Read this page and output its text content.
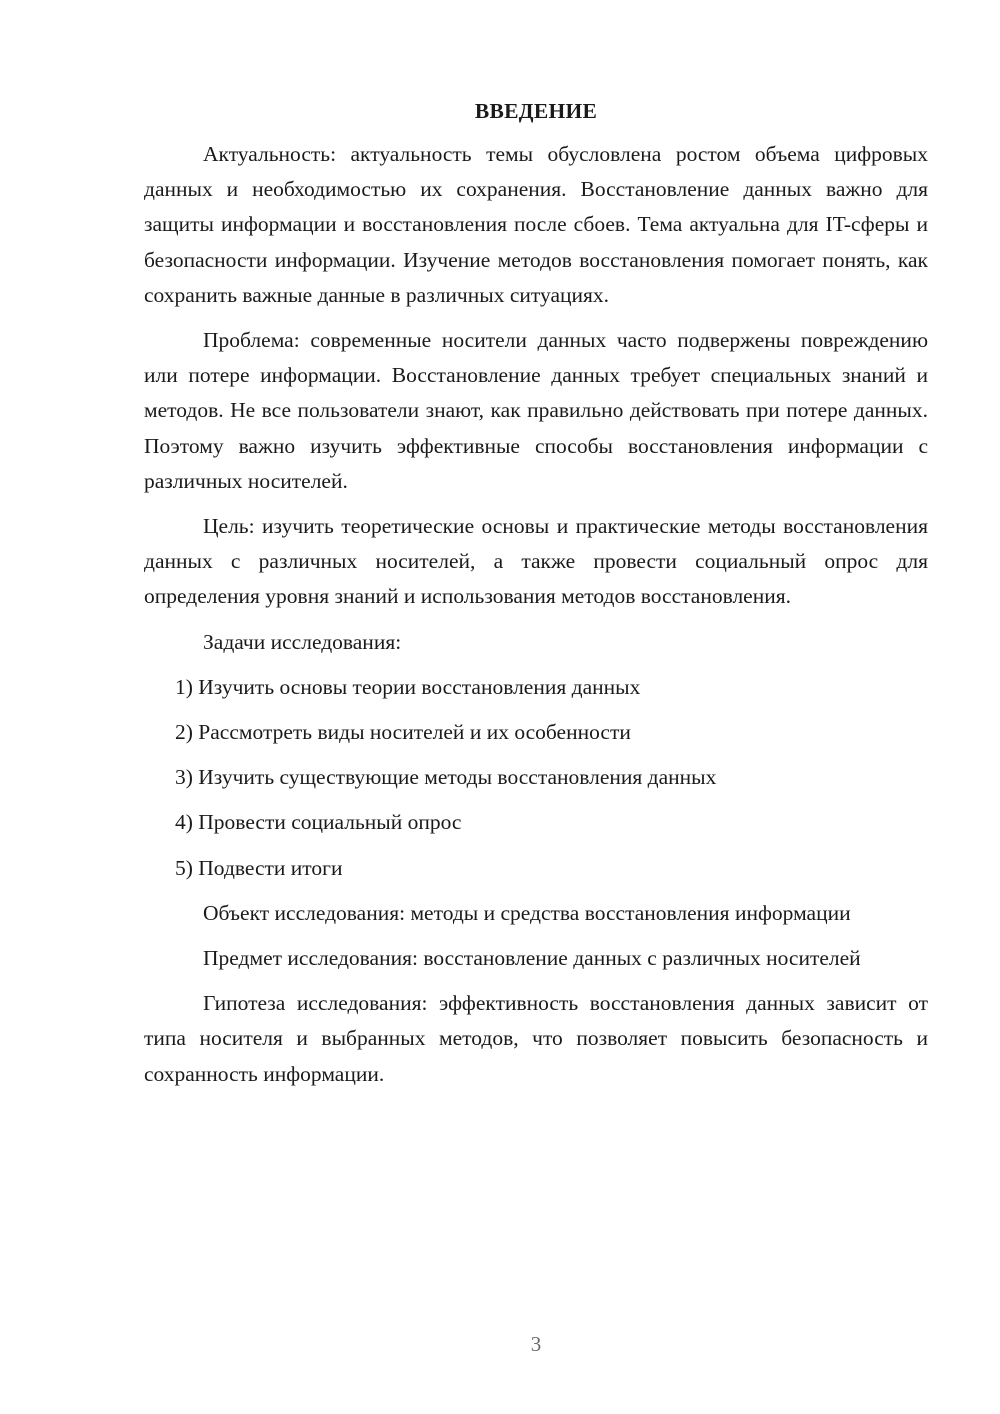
ВВЕДЕНИЕ

Актуальность: актуальность темы обусловлена ростом объема цифровых данных и необходимостью их сохранения. Восстановление данных важно для защиты информации и восстановления после сбоев. Тема актуальна для IT-сферы и безопасности информации. Изучение методов восстановления помогает понять, как сохранить важные данные в различных ситуациях.

Проблема: современные носители данных часто подвержены повреждению или потере информации. Восстановление данных требует специальных знаний и методов. Не все пользователи знают, как правильно действовать при потере данных. Поэтому важно изучить эффективные способы восстановления информации с различных носителей.

Цель: изучить теоретические основы и практические методы восстановления данных с различных носителей, а также провести социальный опрос для определения уровня знаний и использования методов восстановления.

Задачи исследования:

1) Изучить основы теории восстановления данных
2) Рассмотреть виды носителей и их особенности
3) Изучить существующие методы восстановления данных
4) Провести социальный опрос
5) Подвести итоги

Объект исследования: методы и средства восстановления информации

Предмет исследования: восстановление данных с различных носителей

Гипотеза исследования: эффективность восстановления данных зависит от типа носителя и выбранных методов, что позволяет повысить безопасность и сохранность информации.

3
